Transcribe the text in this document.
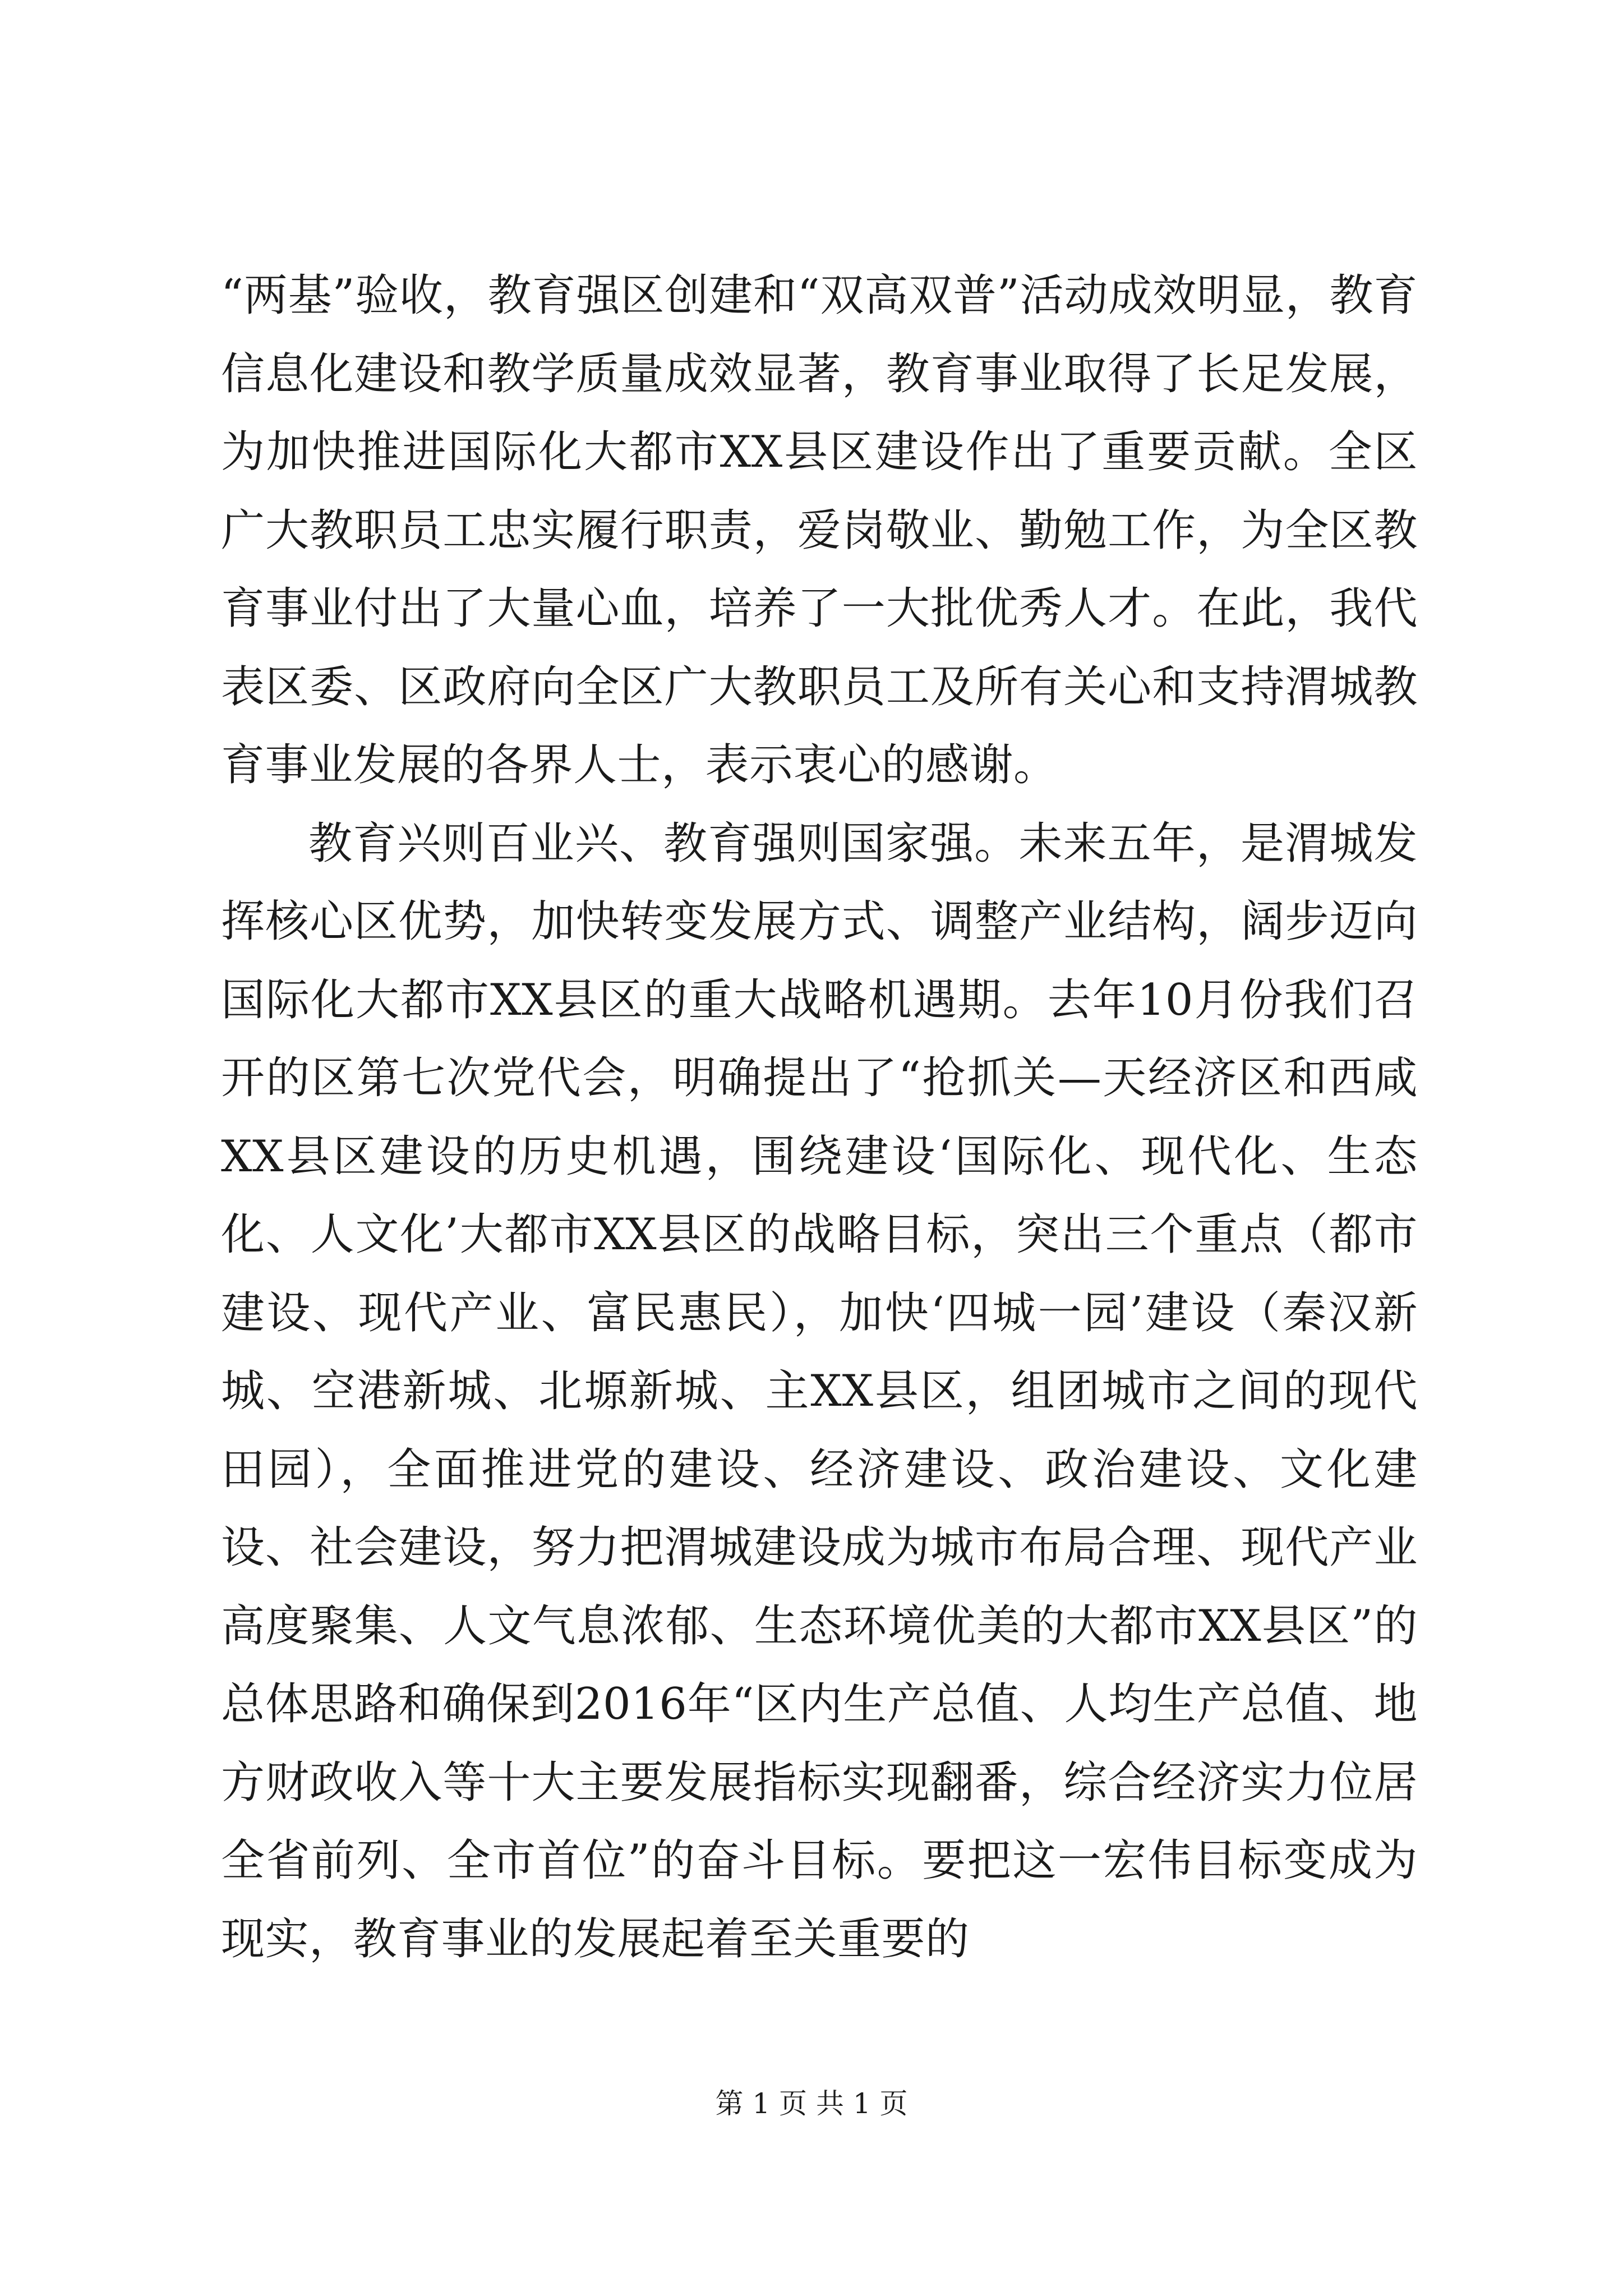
“两基”验收，教育强区创建和“双高双普”活动成效明显，教育信息化建设和教学质量成效显著，教育事业取得了长足发展，为加快推进国际化大都市XX县区建设作出了重要贡献。全区广大教职员工忠实履行职责，爱岗敬业、勤勉工作，为全区教育事业付出了大量心血，培养了一大批优秀人才。在此，我代表区委、区政府向全区广大教职员工及所有关心和支持渭城教育事业发展的各界人士，表示衷心的感谢。

教育兴则百业兴、教育强则国家强。未来五年，是渭城发挥核心区优势，加快转变发展方式、调整产业结构，阔步迈向国际化大都市XX县区的重大战略机遇期。去年10月份我们召开的区第七次党代会，明确提出了“抢抓关—天经济区和西咸XX县区建设的历史机遇，围绕建设‘国际化、现代化、生态化、人文化’大都市XX县区的战略目标，突出三个重点（都市建设、现代产业、富民惠民），加快‘四城一园’建设（秦汉新城、空港新城、北塬新城、主XX县区，组团城市之间的现代田园），全面推进党的建设、经济建设、政治建设、文化建设、社会建设，努力把渭城建设成为城市布局合理、现代产业高度聚集、人文气息浓郁、生态环境优美的大都市XX县区”的总体思路和确保到2016年“区内生产总值、人均生产总值、地方财政收入等十大主要发展指标实现翻番，综合经济实力位居全省前列、全市首位”的奋斗目标。要把这一宏伟目标变成为现实，教育事业的发展起着至关重要的

第 1 页 共 1 页
